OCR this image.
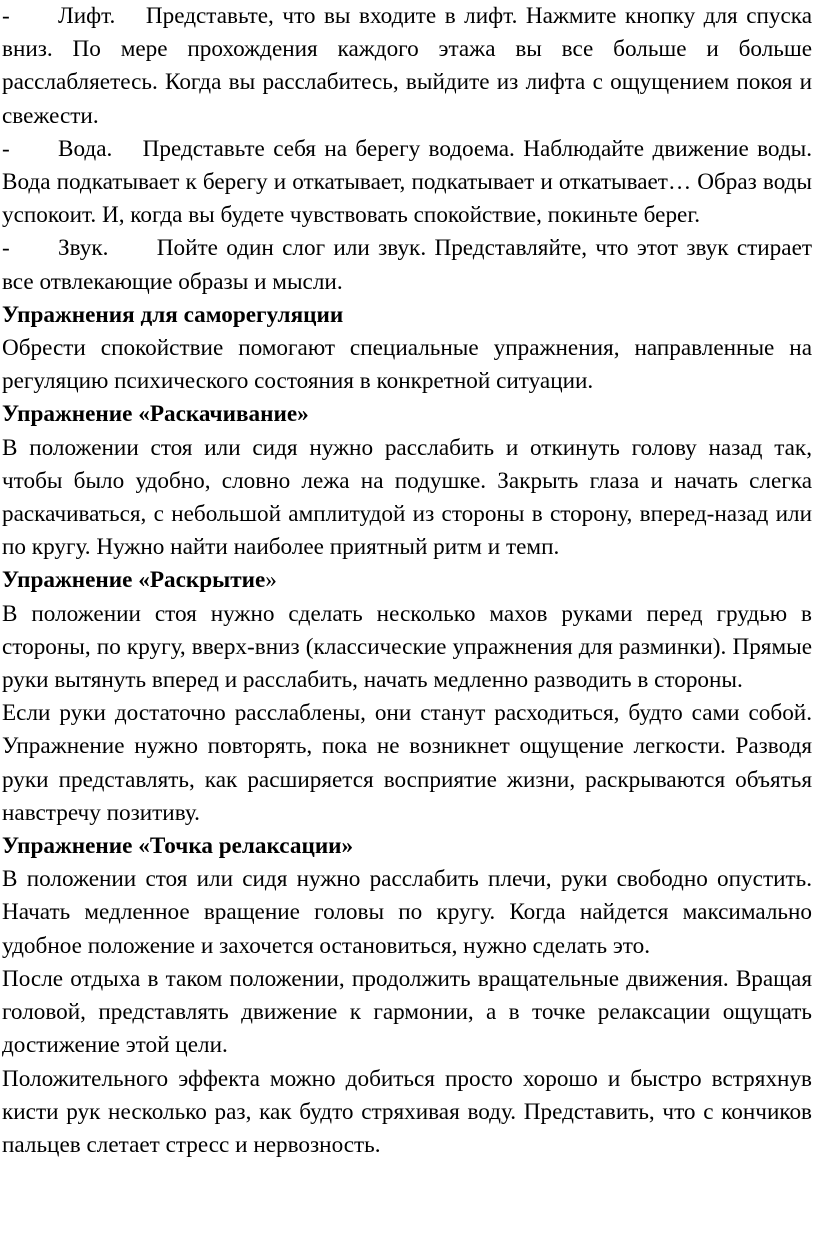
- Лифт. Представьте, что вы входите в лифт. Нажмите кнопку для спуска вниз. По мере прохождения каждого этажа вы все больше и больше расслабляетесь. Когда вы расслабитесь, выйдите из лифта с ощущением покоя и свежести.

- Вода. Представьте себя на берегу водоема. Наблюдайте движение воды. Вода подкатывает к берегу и откатывает, подкатывает и откатывает… Образ воды успокоит. И, когда вы будете чувствовать спокойствие, покиньте берег.

- Звук. Пойте один слог или звук. Представляйте, что этот звук стирает все отвлекающие образы и мысли.

Упражнения для саморегуляции

Обрести спокойствие помогают специальные упражнения, направленные на регуляцию психического состояния в конкретной ситуации.

Упражнение «Раскачивание»

В положении стоя или сидя нужно расслабить и откинуть голову назад так, чтобы было удобно, словно лежа на подушке. Закрыть глаза и начать слегка раскачиваться, с небольшой амплитудой из стороны в сторону, вперед-назад или по кругу. Нужно найти наиболее приятный ритм и темп.

Упражнение «Раскрытие»

В положении стоя нужно сделать несколько махов руками перед грудью в стороны, по кругу, вверх-вниз (классические упражнения для разминки). Прямые руки вытянуть вперед и расслабить, начать медленно разводить в стороны.

Если руки достаточно расслаблены, они станут расходиться, будто сами собой. Упражнение нужно повторять, пока не возникнет ощущение легкости. Разводя руки представлять, как расширяется восприятие жизни, раскрываются объятья навстречу позитиву.

Упражнение «Точка релаксации»

В положении стоя или сидя нужно расслабить плечи, руки свободно опустить. Начать медленное вращение головы по кругу. Когда найдется максимально удобное положение и захочется остановиться, нужно сделать это.

После отдыха в таком положении, продолжить вращательные движения. Вращая головой, представлять движение к гармонии, а в точке релаксации ощущать достижение этой цели.

Положительного эффекта можно добиться просто хорошо и быстро встряхнув кисти рук несколько раз, как будто стряхивая воду. Представить, что с кончиков пальцев слетает стресс и нервозность.
